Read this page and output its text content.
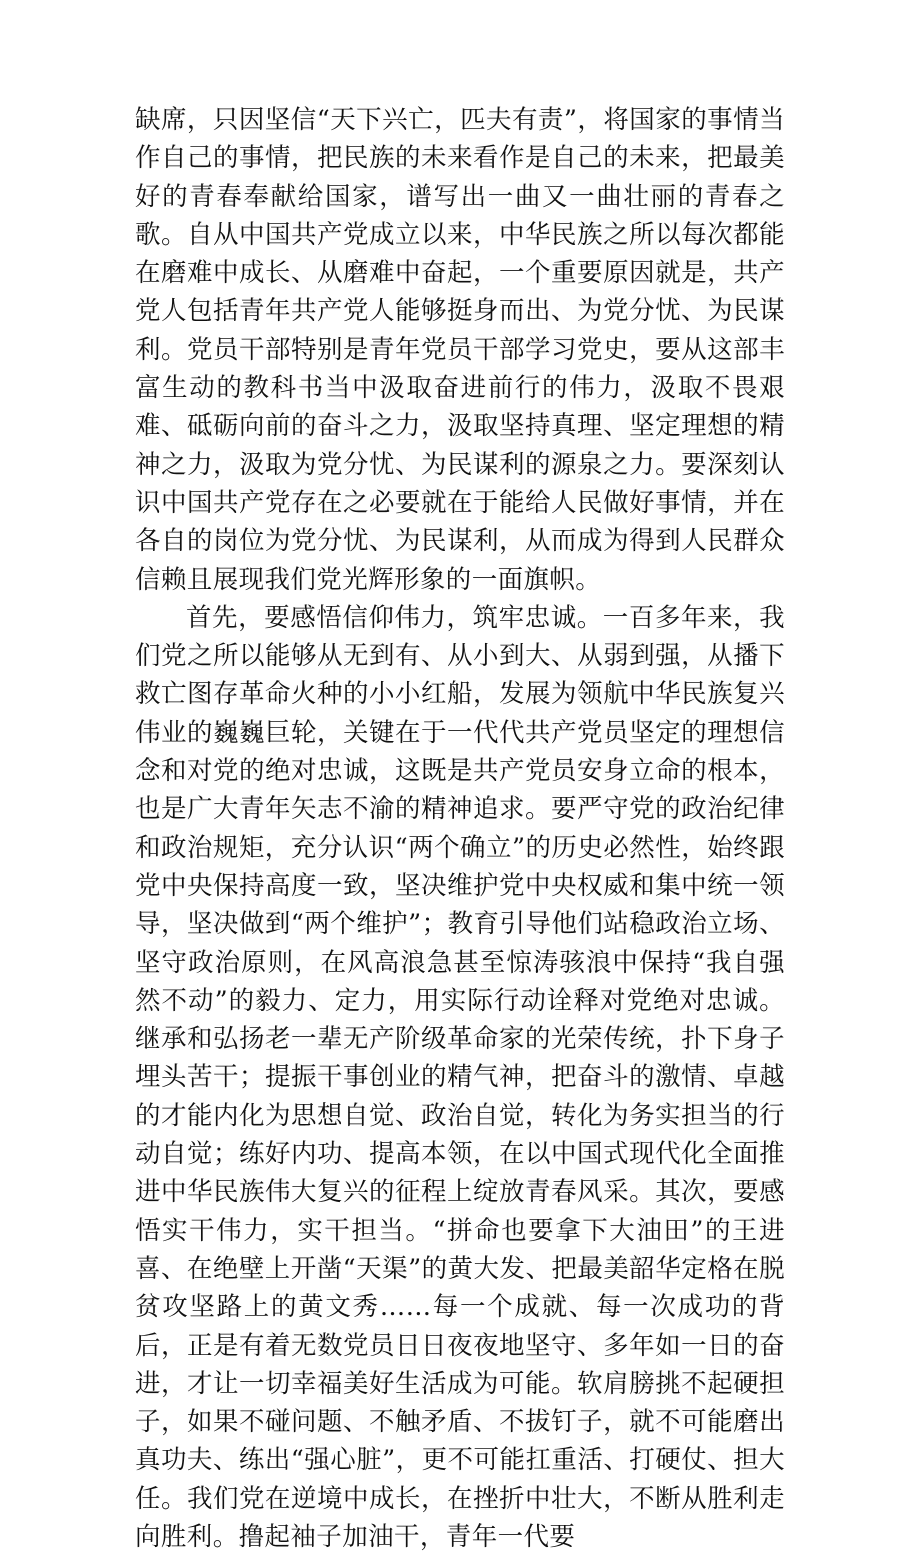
缺席，只因坚信“天下兴亡，匹夫有责”，将国家的事情当作自己的事情，把民族的未来看作是自己的未来，把最美好的青春奉献给国家，谱写出一曲又一曲壮丽的青春之歌。自从中国共产党成立以来，中华民族之所以每次都能在磨难中成长、从磨难中奋起，一个重要原因就是，共产党人包括青年共产党人能够挺身而出、为党分忧、为民谋利。党员干部特别是青年党员干部学习党史，要从这部丰富生动的教科书当中汲取奋进前行的伟力，汲取不畏艰难、砥砺向前的奋斗之力，汲取坚持真理、坚定理想的精神之力，汲取为党分忧、为民谋利的源泉之力。要深刻认识中国共产党存在之必要就在于能给人民做好事情，并在各自的岗位为党分忧、为民谋利，从而成为得到人民群众信赖且展现我们党光辉形象的一面旗帜。

首先，要感悟信仰伟力，筑牢忠诚。一百多年来，我们党之所以能够从无到有、从小到大、从弱到强，从播下救亡图存革命火种的小小红船，发展为领航中华民族复兴伟业的巍巍巨轮，关键在于一代代共产党员坚定的理想信念和对党的绝对忠诚，这既是共产党员安身立命的根本，也是广大青年矢志不渝的精神追求。要严守党的政治纪律和政治规矩，充分认识“两个确立”的历史必然性，始终跟党中央保持高度一致，坚决维护党中央权威和集中统一领导，坚决做到“两个维护”；教育引导他们站稳政治立场、坚守政治原则，在风高浪急甚至惊涛骇浪中保持“我自强然不动”的毅力、定力，用实际行动诠释对党绝对忠诚。继承和弘扬老一辈无产阶级革命家的光荣传统，扑下身子埋头苦干；提振干事创业的精气神，把奋斗的激情、卓越的才能内化为思想自觉、政治自觉，转化为务实担当的行动自觉；练好内功、提高本领，在以中国式现代化全面推进中华民族伟大复兴的征程上绽放青春风采。其次，要感悟实干伟力，实干担当。“拼命也要拿下大油田”的王进喜、在绝壁上开凿“天渠”的黄大发、把最美韶华定格在脱贫攻坚路上的黄文秀……每一个成就、每一次成功的背后，正是有着无数党员日日夜夜地坚守、多年如一日的奋进，才让一切幸福美好生活成为可能。软肩膀挑不起硬担子，如果不碰问题、不触矛盾、不拔钉子，就不可能磨出真功夫、练出“强心脏”，更不可能扛重活、打硬仗、担大任。我们党在逆境中成长，在挫折中壮大，不断从胜利走向胜利。撸起袖子加油干，青年一代要
